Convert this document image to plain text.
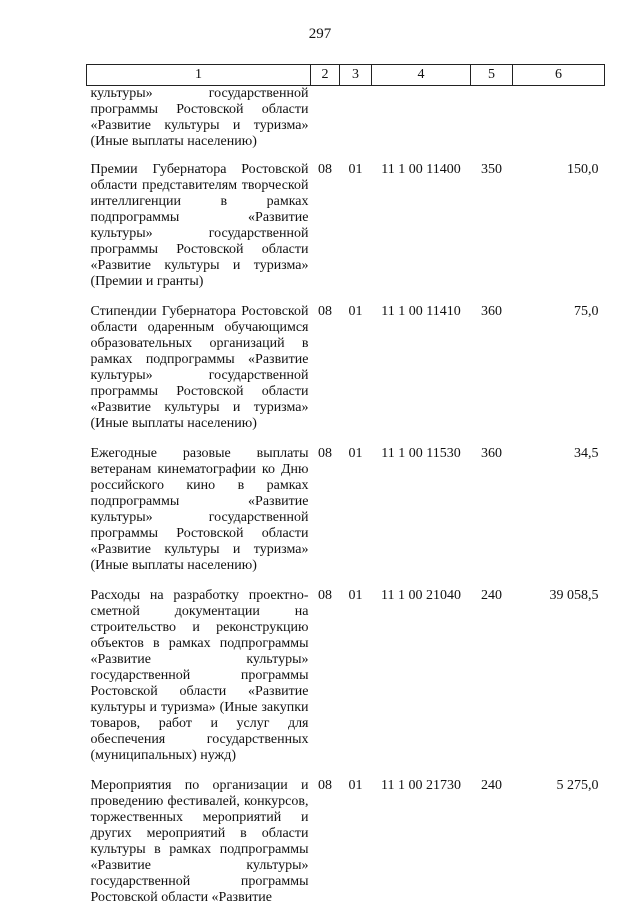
297
1	2	3	4	5	6
культуры» государственной программы Ростовской области «Развитие культуры и туризма» (Иные выплаты населению)					
Премии Губернатора Ростовской области представителям творческой интеллигенции в рамках подпрограммы «Развитие культуры» государственной программы Ростовской области «Развитие культуры и туризма» (Премии и гранты)	08	01	11 1 00 11400	350	150,0
Стипендии Губернатора Ростовской области одаренным обучающимся образовательных организаций в рамках подпрограммы «Развитие культуры» государственной программы Ростовской области «Развитие культуры и туризма» (Иные выплаты населению)	08	01	11 1 00 11410	360	75,0
Ежегодные разовые выплаты ветеранам кинематографии ко Дню российского кино в рамках подпрограммы «Развитие культуры» государственной программы Ростовской области «Развитие культуры и туризма» (Иные выплаты населению)	08	01	11 1 00 11530	360	34,5
Расходы на разработку проектно-сметной документации на строительство и реконструкцию объектов в рамках подпрограммы «Развитие культуры» государственной программы Ростовской области «Развитие культуры и туризма» (Иные закупки товаров, работ и услуг для обеспечения государственных (муниципальных) нужд)	08	01	11 1 00 21040	240	39 058,5
Мероприятия по организации и проведению фестивалей, конкурсов, торжественных мероприятий и других мероприятий в области культуры в рамках подпрограммы «Развитие культуры» государственной программы Ростовской области «Развитие	08	01	11 1 00 21730	240	5 275,0
